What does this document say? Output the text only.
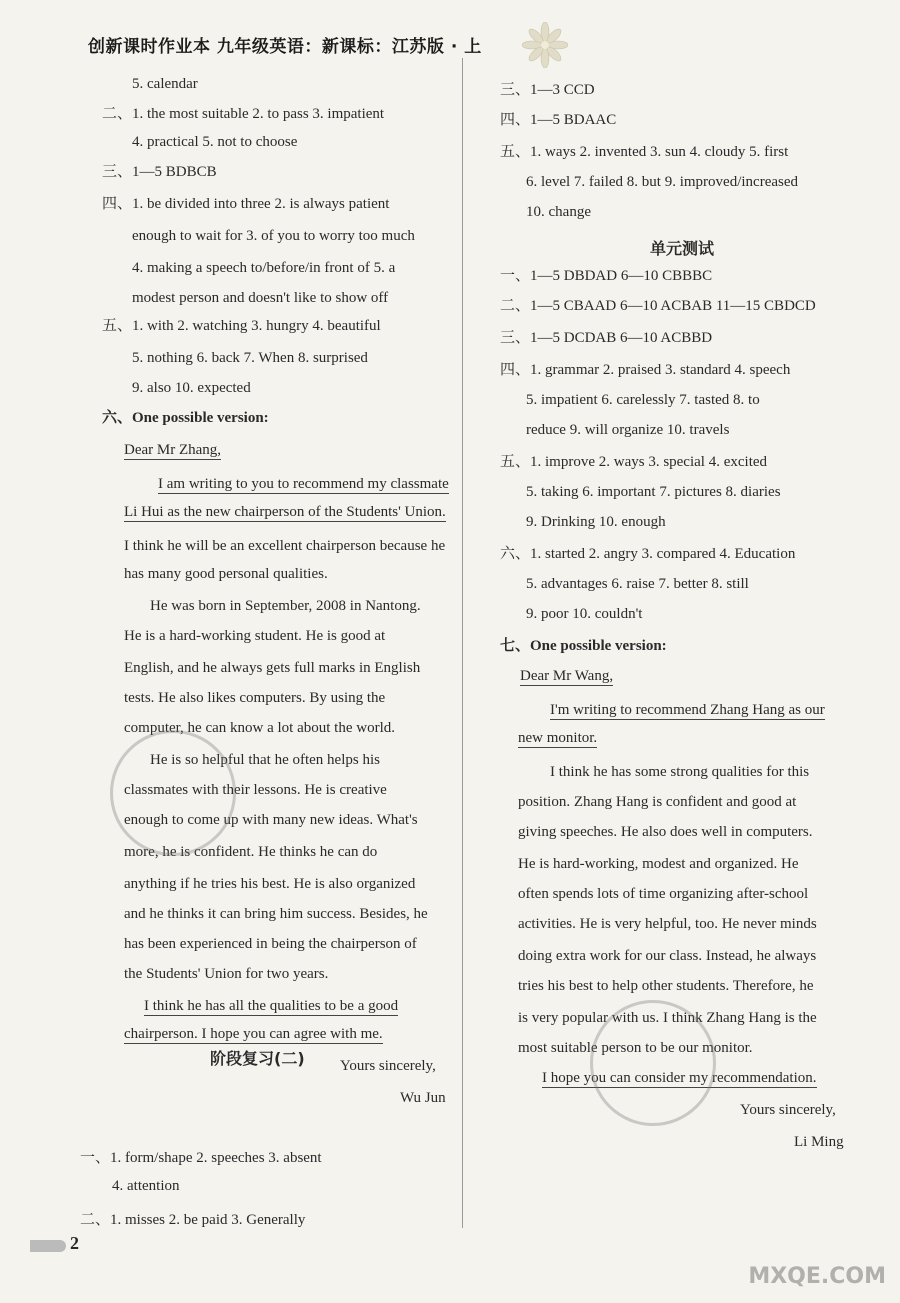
创新课时作业本 九年级英语：新课标：江苏版 · 上
5. calendar
二、1. the most suitable 2. to pass 3. impatient
4. practical 5. not to choose
三、1—5 BDBCB
四、1. be divided into three 2. is always patient
enough to wait for 3. of you to worry too much
4. making a speech to/before/in front of 5. a
modest person and doesn't like to show off
五、1. with 2. watching 3. hungry 4. beautiful
5. nothing 6. back 7. When 8. surprised
9. also 10. expected
六、One possible version:
Dear Mr Zhang,
I am writing to you to recommend my classmate
Li Hui as the new chairperson of the Students' Union.
I think he will be an excellent chairperson because he
has many good personal qualities.
He was born in September, 2008 in Nantong.
He is a hard-working student. He is good at
English, and he always gets full marks in English
tests. He also likes computers. By using the
computer, he can know a lot about the world.
He is so helpful that he often helps his
classmates with their lessons. He is creative
enough to come up with many new ideas. What's
more, he is confident. He thinks he can do
anything if he tries his best. He is also organized
and he thinks it can bring him success. Besides, he
has been experienced in being the chairperson of
the Students' Union for two years.
I think he has all the qualities to be a good
chairperson. I hope you can agree with me.
Yours sincerely,
Wu Jun
一、1. form/shape 2. speeches 3. absent
4. attention
二、1. misses 2. be paid 3. Generally
三、1—3 CCD
四、1—5 BDAAC
五、1. ways 2. invented 3. sun 4. cloudy 5. first
6. level 7. failed 8. but 9. improved/increased
10. change
一、1—5 DBDAD 6—10 CBBBC
二、1—5 CBAAD 6—10 ACBAB 11—15 CBDCD
三、1—5 DCDAB 6—10 ACBBD
四、1. grammar 2. praised 3. standard 4. speech
5. impatient 6. carelessly 7. tasted 8. to
reduce 9. will organize 10. travels
五、1. improve 2. ways 3. special 4. excited
5. taking 6. important 7. pictures 8. diaries
9. Drinking 10. enough
六、1. started 2. angry 3. compared 4. Education
5. advantages 6. raise 7. better 8. still
9. poor 10. couldn't
七、One possible version:
Dear Mr Wang,
I'm writing to recommend Zhang Hang as our
new monitor.
I think he has some strong qualities for this
position. Zhang Hang is confident and good at
giving speeches. He also does well in computers.
He is hard-working, modest and organized. He
often spends lots of time organizing after-school
activities. He is very helpful, too. He never minds
doing extra work for our class. Instead, he always
tries his best to help other students. Therefore, he
is very popular with us. I think Zhang Hang is the
most suitable person to be our monitor.
I hope you can consider my recommendation.
Yours sincerely,
Li Ming
阶段复习(二)
单元测试
2
MXQE.COM
